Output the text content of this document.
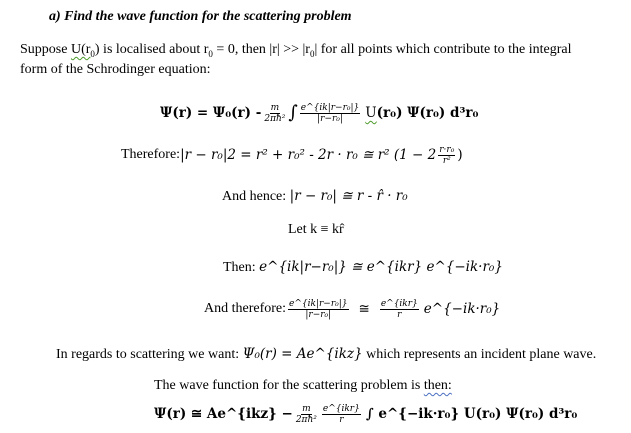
a) Find the wave function for the scattering problem
Suppose $U(r_0)$ is localised about $r_0 = 0$, then $|r| >> |r_0|$ for all points which contribute to the integral
form of the Schrodinger equation:
$\Psi(r) = \Psi_0(r) - \frac{m}{\text{2πħ²}}$ ∫ $\frac{\text{e\textasciicircum{}\{ik|r−r₀|\}}}{\text{|r−r₀|}}$ U (r₀) Ψ(r₀) d³r₀
Therefore: |r − r₀|2 = r² + r₀² - 2r · r₀ ≅ r² ($1 - 2 \frac{\text{r·r₀}}{\text{r²}}$ )
And hence: |r − r₀| ≅ r - r̂ · r₀
Let k ≡ kr̂
Then: e^{ik|r−r₀|} ≅ e^{ikr} e^{−ik·r₀}
And therefore: $\frac{\text{e\textasciicircum{}\{ik|r−r₀|\}}}{\text{|r−r₀|}}$ ≅ $\frac{\text{e\textasciicircum{}\{ikr\}}}{r}$ e^{−ik·r₀}
In regards to scattering we want: Ψ₀(r) = Ae^{ikz} which represents an incident plane wave.
The wave function for the scattering problem is then:
Ψ(r) ≅ Ae^{ikz} − $\frac{m}{\text{2πħ²}} \frac{\text{e\textasciicircum{}\{ikr\}}}{r}$ ∫ e^{−ik·r₀} U(r₀) Ψ(r₀) d³r₀
